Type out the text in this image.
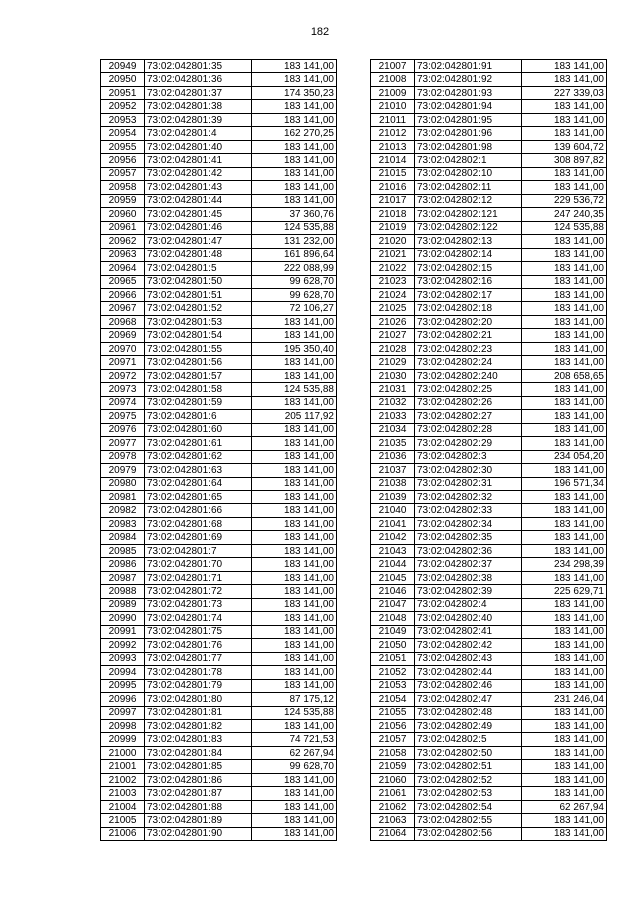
182
20949	73:02:042801:35	183 141,00
20950	73:02:042801:36	183 141,00
20951	73:02:042801:37	174 350,23
20952	73:02:042801:38	183 141,00
20953	73:02:042801:39	183 141,00
20954	73:02:042801:4	162 270,25
20955	73:02:042801:40	183 141,00
20956	73:02:042801:41	183 141,00
20957	73:02:042801:42	183 141,00
20958	73:02:042801:43	183 141,00
20959	73:02:042801:44	183 141,00
20960	73:02:042801:45	37 360,76
20961	73:02:042801:46	124 535,88
20962	73:02:042801:47	131 232,00
20963	73:02:042801:48	161 896,64
20964	73:02:042801:5	222 088,99
20965	73:02:042801:50	99 628,70
20966	73:02:042801:51	99 628,70
20967	73:02:042801:52	72 106,27
20968	73:02:042801:53	183 141,00
20969	73:02:042801:54	183 141,00
20970	73:02:042801:55	195 350,40
20971	73:02:042801:56	183 141,00
20972	73:02:042801:57	183 141,00
20973	73:02:042801:58	124 535,88
20974	73:02:042801:59	183 141,00
20975	73:02:042801:6	205 117,92
20976	73:02:042801:60	183 141,00
20977	73:02:042801:61	183 141,00
20978	73:02:042801:62	183 141,00
20979	73:02:042801:63	183 141,00
20980	73:02:042801:64	183 141,00
20981	73:02:042801:65	183 141,00
20982	73:02:042801:66	183 141,00
20983	73:02:042801:68	183 141,00
20984	73:02:042801:69	183 141,00
20985	73:02:042801:7	183 141,00
20986	73:02:042801:70	183 141,00
20987	73:02:042801:71	183 141,00
20988	73:02:042801:72	183 141,00
20989	73:02:042801:73	183 141,00
20990	73:02:042801:74	183 141,00
20991	73:02:042801:75	183 141,00
20992	73:02:042801:76	183 141,00
20993	73:02:042801:77	183 141,00
20994	73:02:042801:78	183 141,00
20995	73:02:042801:79	183 141,00
20996	73:02:042801:80	87 175,12
20997	73:02:042801:81	124 535,88
20998	73:02:042801:82	183 141,00
20999	73:02:042801:83	74 721,53
21000	73:02:042801:84	62 267,94
21001	73:02:042801:85	99 628,70
21002	73:02:042801:86	183 141,00
21003	73:02:042801:87	183 141,00
21004	73:02:042801:88	183 141,00
21005	73:02:042801:89	183 141,00
21006	73:02:042801:90	183 141,00
21007	73:02:042801:91	183 141,00
21008	73:02:042801:92	183 141,00
21009	73:02:042801:93	227 339,03
21010	73:02:042801:94	183 141,00
21011	73:02:042801:95	183 141,00
21012	73:02:042801:96	183 141,00
21013	73:02:042801:98	139 604,72
21014	73:02:042802:1	308 897,82
21015	73:02:042802:10	183 141,00
21016	73:02:042802:11	183 141,00
21017	73:02:042802:12	229 536,72
21018	73:02:042802:121	247 240,35
21019	73:02:042802:122	124 535,88
21020	73:02:042802:13	183 141,00
21021	73:02:042802:14	183 141,00
21022	73:02:042802:15	183 141,00
21023	73:02:042802:16	183 141,00
21024	73:02:042802:17	183 141,00
21025	73:02:042802:18	183 141,00
21026	73:02:042802:20	183 141,00
21027	73:02:042802:21	183 141,00
21028	73:02:042802:23	183 141,00
21029	73:02:042802:24	183 141,00
21030	73:02:042802:240	208 658,65
21031	73:02:042802:25	183 141,00
21032	73:02:042802:26	183 141,00
21033	73:02:042802:27	183 141,00
21034	73:02:042802:28	183 141,00
21035	73:02:042802:29	183 141,00
21036	73:02:042802:3	234 054,20
21037	73:02:042802:30	183 141,00
21038	73:02:042802:31	196 571,34
21039	73:02:042802:32	183 141,00
21040	73:02:042802:33	183 141,00
21041	73:02:042802:34	183 141,00
21042	73:02:042802:35	183 141,00
21043	73:02:042802:36	183 141,00
21044	73:02:042802:37	234 298,39
21045	73:02:042802:38	183 141,00
21046	73:02:042802:39	225 629,71
21047	73:02:042802:4	183 141,00
21048	73:02:042802:40	183 141,00
21049	73:02:042802:41	183 141,00
21050	73:02:042802:42	183 141,00
21051	73:02:042802:43	183 141,00
21052	73:02:042802:44	183 141,00
21053	73:02:042802:46	183 141,00
21054	73:02:042802:47	231 246,04
21055	73:02:042802:48	183 141,00
21056	73:02:042802:49	183 141,00
21057	73:02:042802:5	183 141,00
21058	73:02:042802:50	183 141,00
21059	73:02:042802:51	183 141,00
21060	73:02:042802:52	183 141,00
21061	73:02:042802:53	183 141,00
21062	73:02:042802:54	62 267,94
21063	73:02:042802:55	183 141,00
21064	73:02:042802:56	183 141,00
